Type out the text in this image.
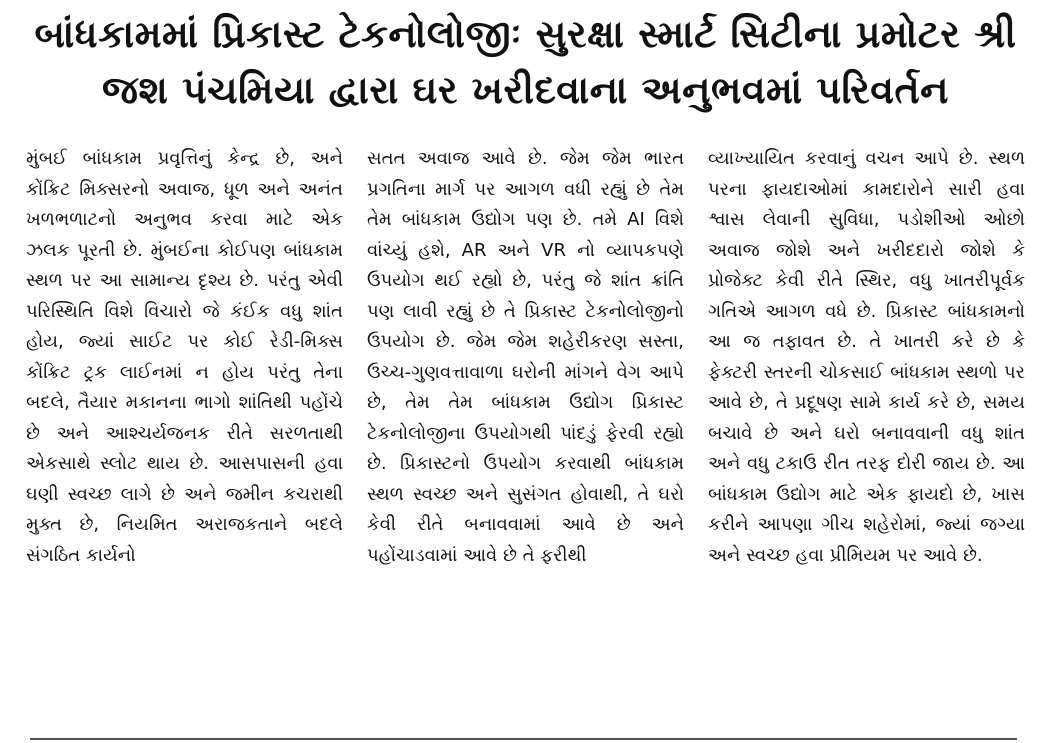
બાંધકામમાં પ્રિકાસ્ટ ટેકનોલોજીઃ સુરક્ષા સ્માર્ટ સિટીના પ્રમોટર શ્રી
જશ પંચમિયા દ્વારા ઘર ખરીદવાના અનુભવમાં પરિવર્તન

મુંબઈ બાંધકામ પ્રવૃત્તિનું કેન્દ્ર છે, અને કોંક્રિટ મિક્સરનો અવાજ, ધૂળ અને અનંત ખળભળાટનો અનુભવ કરવા માટે એક ઝલક પૂરતી છે. મુંબઈના કોઈપણ બાંધકામ સ્થળ પર આ સામાન્ય દૃશ્ય છે. પરંતુ એવી પરિસ્થિતિ વિશે વિચારો જે કંઈક વધુ શાંત હોય, જ્યાં સાઈટ પર કોઈ રેડી-મિક્સ કોંક્રિટ ટ્રક લાઈનમાં ન હોય પરંતુ તેના બદલે, તૈયાર મકાનના ભાગો શાંતિથી પહોંચે છે અને આશ્ચર્યજનક રીતે સરળતાથી એકસાથે સ્લોટ થાય છે. આસપાસની હવા ઘણી સ્વચ્છ લાગે છે અને જમીન કચરાથી મુક્ત છે, નિયમિત અરાજકતાને બદલે સંગઠિત કાર્યનો

સતત અવાજ આવે છે. જેમ જેમ ભારત પ્રગતિના માર્ગ પર આગળ વધી રહ્યું છે તેમ તેમ બાંધકામ ઉદ્યોગ પણ છે. તમે AI વિશે વાંચ્યું હશે, AR અને VR નો વ્યાપકપણે ઉપયોગ થઈ રહ્યો છે, પરંતુ જે શાંત ક્રાંતિ પણ લાવી રહ્યું છે તે પ્રિકાસ્ટ ટેકનોલોજીનો ઉપયોગ છે. જેમ જેમ શહેરીકરણ સસ્તા, ઉચ્ચ-ગુણવત્તાવાળા ઘરોની માંગને વેગ આપે છે, તેમ તેમ બાંધકામ ઉદ્યોગ પ્રિકાસ્ટ ટેકનોલોજીના ઉપયોગથી પાંદડું ફેરવી રહ્યો છે. પ્રિકાસ્ટનો ઉપયોગ કરવાથી બાંધકામ સ્થળ સ્વચ્છ અને સુસંગત હોવાથી, તે ઘરો કેવી રીતે બનાવવામાં આવે છે અને પહોંચાડવામાં આવે છે તે ફરીથી

વ્યાખ્યાયિત કરવાનું વચન આપે છે. સ્થળ પરના ફાયદાઓમાં કામદારોને સારી હવા શ્વાસ લેવાની સુવિધા, પડોશીઓ ઓછો અવાજ જોશે અને ખરીદદારો જોશે કે પ્રોજેક્ટ કેવી રીતે સ્થિર, વધુ ખાતરીપૂર્વક ગતિએ આગળ વધે છે. પ્રિકાસ્ટ બાંધકામનો આ જ તફાવત છે. તે ખાતરી કરે છે કે ફેક્ટરી સ્તરની ચોકસાઈ બાંધકામ સ્થળો પર આવે છે, તે પ્રદૂષણ સામે કાર્ય કરે છે, સમય બચાવે છે અને ઘરો બનાવવાની વધુ શાંત અને વધુ ટકાઉ રીત તરફ દોરી જાય છે. આ બાંધકામ ઉદ્યોગ માટે એક ફાયદો છે, ખાસ કરીને આપણા ગીચ શહેરોમાં, જ્યાં જગ્યા અને સ્વચ્છ હવા પ્રીમિયમ પર આવે છે.
